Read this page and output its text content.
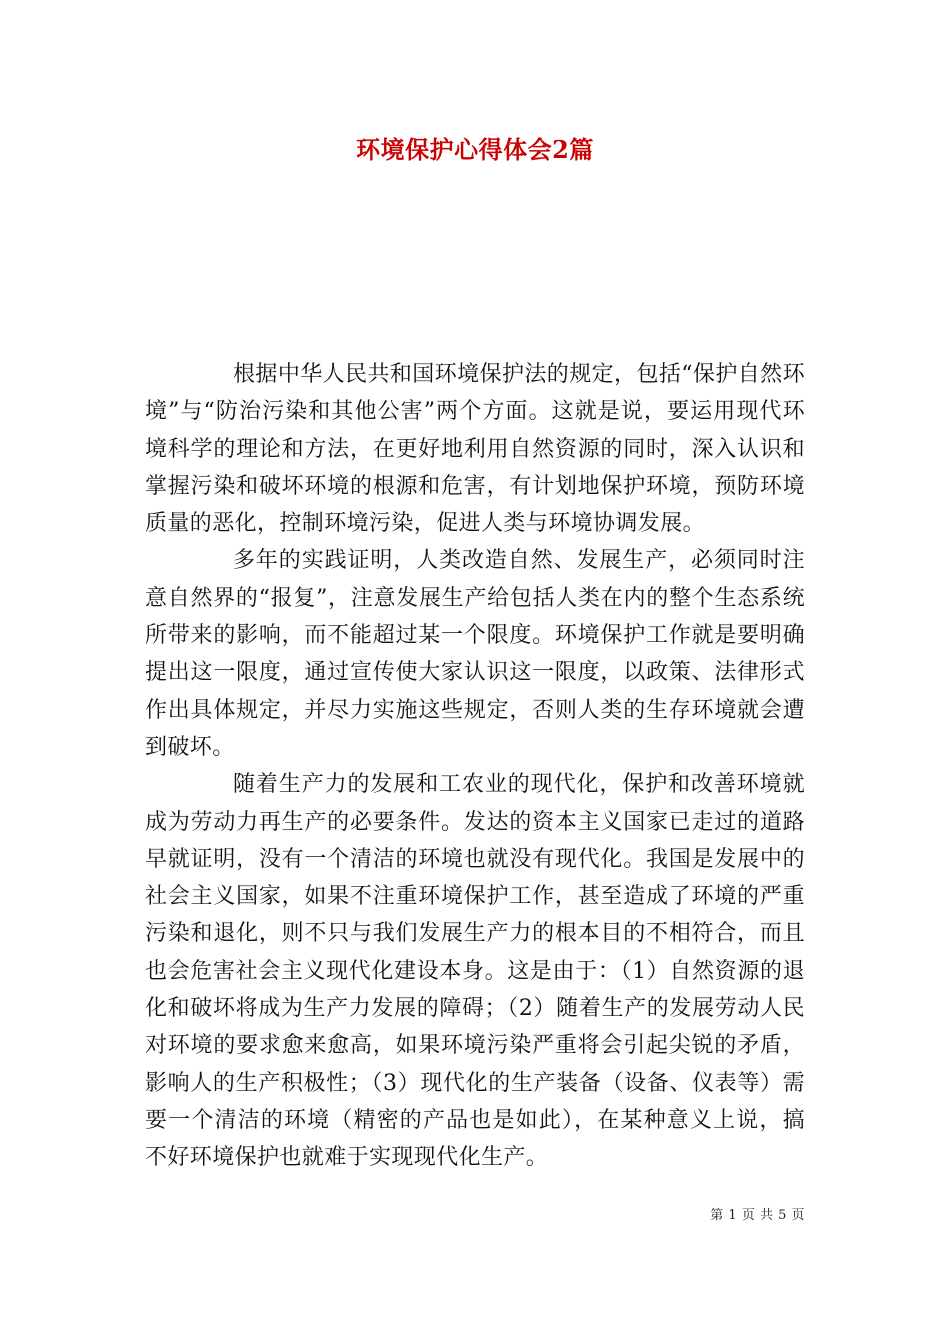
环境保护心得体会2篇

根据中华人民共和国环境保护法的规定，包括“保护自然环境”与“防治污染和其他公害”两个方面。这就是说，要运用现代环境科学的理论和方法，在更好地利用自然资源的同时，深入认识和掌握污染和破坏环境的根源和危害，有计划地保护环境，预防环境质量的恶化，控制环境污染，促进人类与环境协调发展。

多年的实践证明，人类改造自然、发展生产，必须同时注意自然界的“报复”，注意发展生产给包括人类在内的整个生态系统所带来的影响，而不能超过某一个限度。环境保护工作就是要明确提出这一限度，通过宣传使大家认识这一限度，以政策、法律形式作出具体规定，并尽力实施这些规定，否则人类的生存环境就会遭到破坏。

随着生产力的发展和工农业的现代化，保护和改善环境就成为劳动力再生产的必要条件。发达的资本主义国家已走过的道路早就证明，没有一个清洁的环境也就没有现代化。我国是发展中的社会主义国家，如果不注重环境保护工作，甚至造成了环境的严重污染和退化，则不只与我们发展生产力的根本目的不相符合，而且也会危害社会主义现代化建设本身。这是由于：（1）自然资源的退化和破坏将成为生产力发展的障碍；（2）随着生产的发展劳动人民对环境的要求愈来愈高，如果环境污染严重将会引起尖锐的矛盾，影响人的生产积极性；（3）现代化的生产装备（设备、仪表等）需要一个清洁的环境（精密的产品也是如此），在某种意义上说，搞不好环境保护也就难于实现现代化生产。

第 1 页 共 5 页
